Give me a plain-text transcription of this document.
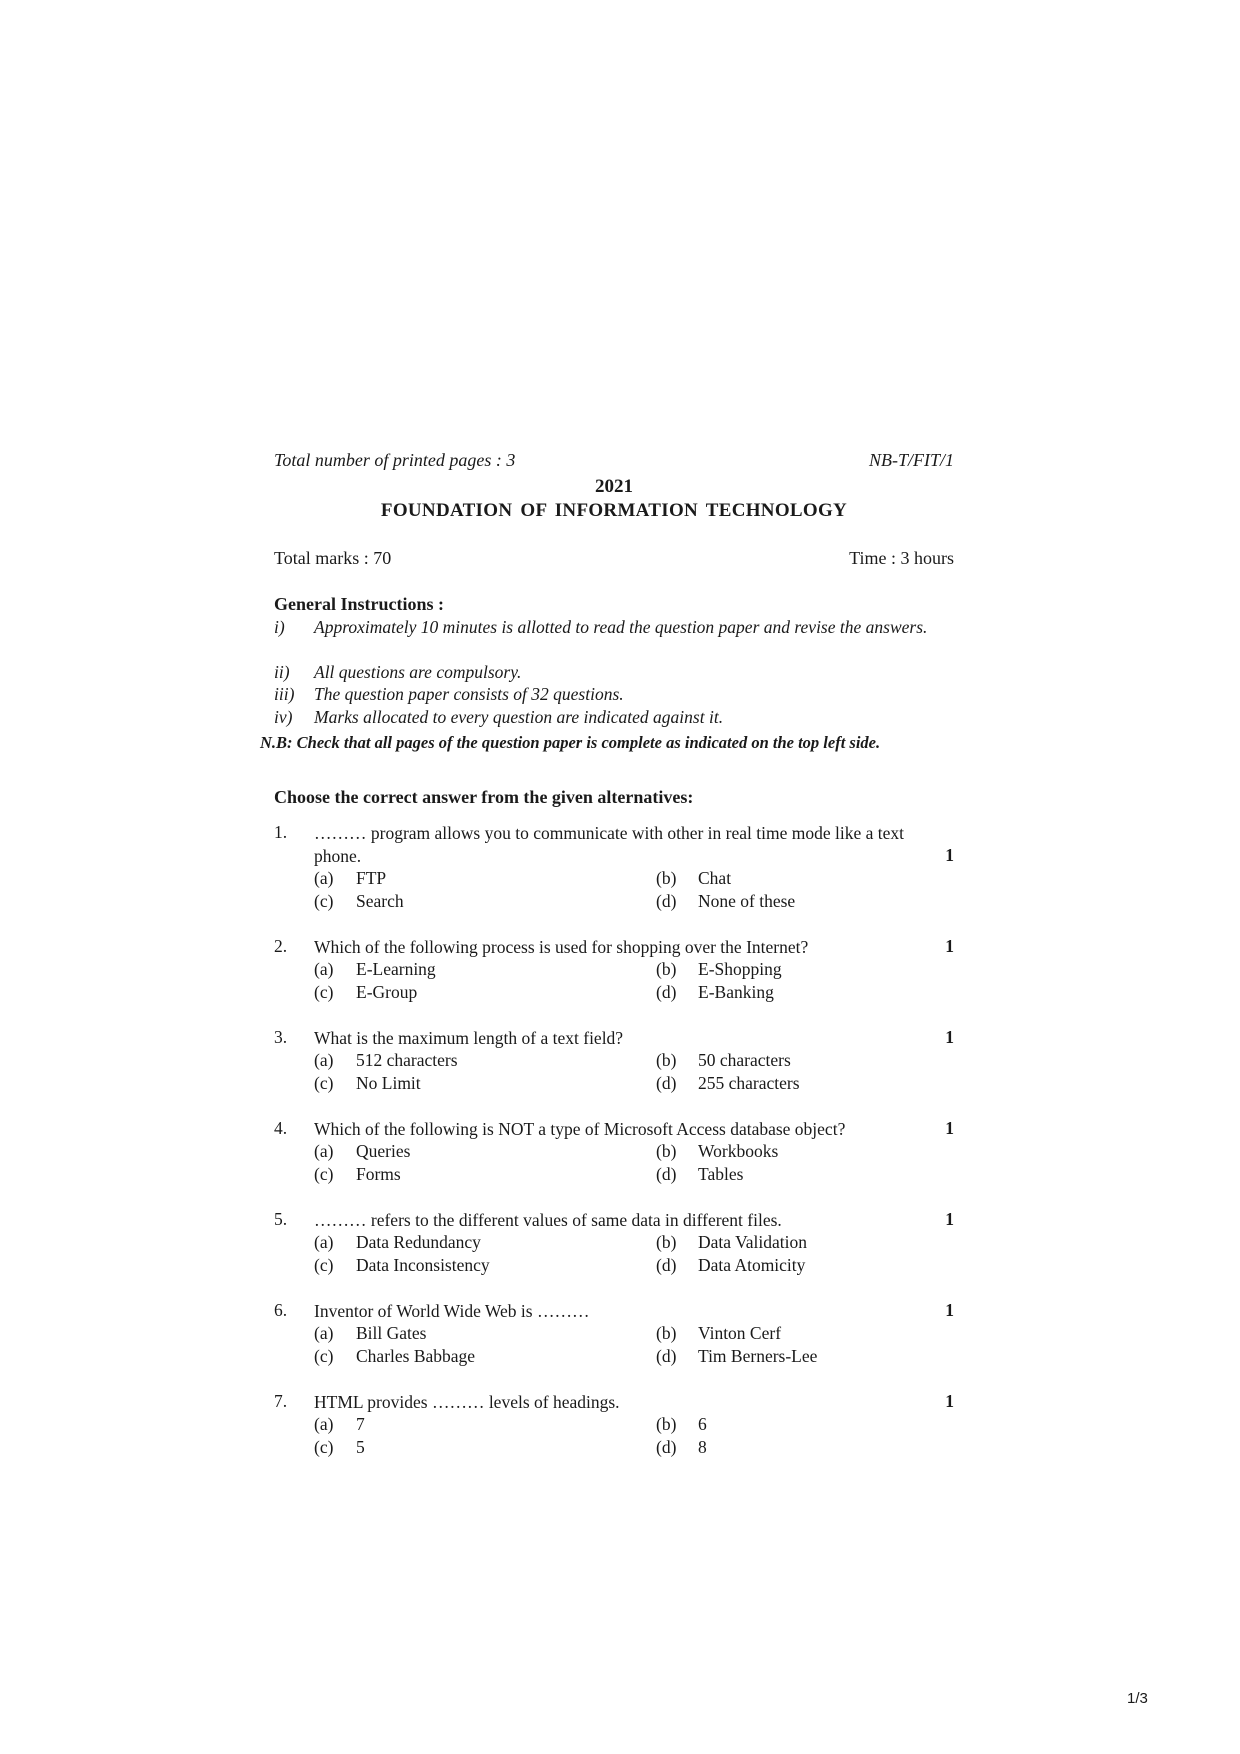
Total number of printed pages : 3	NB-T/FIT/1
2021
FOUNDATION OF INFORMATION TECHNOLOGY
Total marks : 70	Time : 3 hours
General Instructions :
i)	Approximately 10 minutes is allotted to read the question paper and revise the answers.
ii)	All questions are compulsory.
iii)	The question paper consists of 32 questions.
iv)	Marks allocated to every question are indicated against it.
N.B: Check that all pages of the question paper is complete as indicated on the top left side.
Choose the correct answer from the given alternatives:
1. ……… program allows you to communicate with other in real time mode like a text phone.	1
(a)	FTP	(b)	Chat
(c)	Search	(d)	None of these
2. Which of the following process is used for shopping over the Internet?	1
(a)	E-Learning	(b)	E-Shopping
(c)	E-Group	(d)	E-Banking
3. What is the maximum length of a text field?	1
(a)	512 characters	(b)	50 characters
(c)	No Limit	(d)	255 characters
4. Which of the following is NOT a type of Microsoft Access database object?	1
(a)	Queries	(b)	Workbooks
(c)	Forms	(d)	Tables
5. ……… refers to the different values of same data in different files.	1
(a)	Data Redundancy	(b)	Data Validation
(c)	Data Inconsistency	(d)	Data Atomicity
6. Inventor of World Wide Web is ………	1
(a)	Bill Gates	(b)	Vinton Cerf
(c)	Charles Babbage	(d)	Tim Berners-Lee
7. HTML provides ……… levels of headings.	1
(a)	7	(b)	6
(c)	5	(d)	8
1/3
